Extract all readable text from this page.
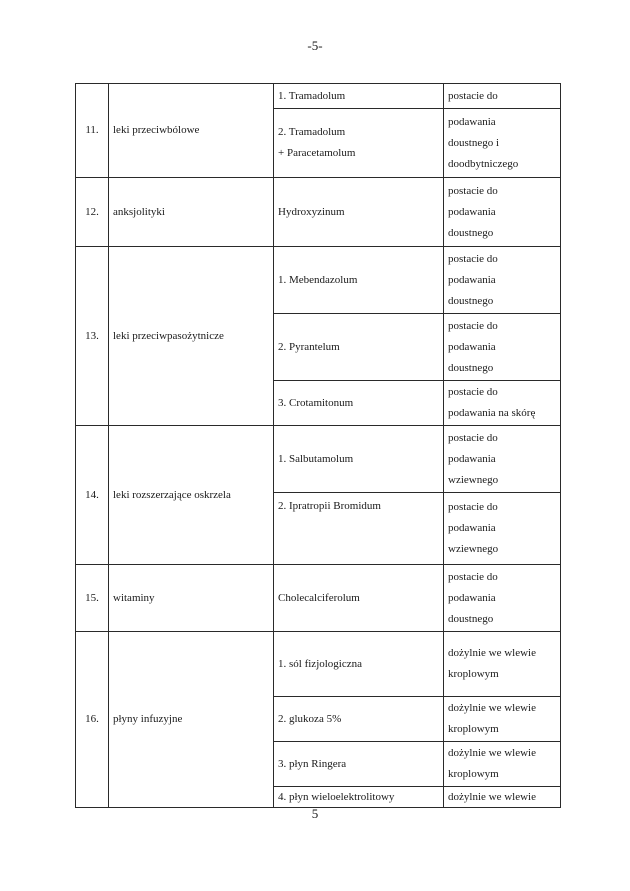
-5-
11.	leki przeciwbólowe	1. Tramadolum	postacie do

		2. Tramadolum
+ Paracetamolum	podawania
doustnego i
doodbytniczego

12.	anksjolityki	Hydroxyzinum	postacie do
podawania
doustnego

13.	leki przeciwpasożytnicze	1. Mebendazolum	postacie do
podawania
doustnego

		2. Pyrantelum	postacie do
podawania
doustnego

		3. Crotamitonum	postacie do
podawania na skórę

14.	leki rozszerzające oskrzela	1. Salbutamolum	postacie do
podawania
wziewnego

		2. Ipratropii Bromidum	postacie do
podawania
wziewnego

15.	witaminy	Cholecalciferolum	postacie do
podawania
doustnego

16.	płyny infuzyjne	1. sól fizjologiczna	dożylnie we wlewie
kroplowym

		2. glukoza 5%	dożylnie we wlewie
kroplowym

		3. płyn Ringera	dożylnie we wlewie
kroplowym

		4. płyn wieloelektrolitowy	dożylnie we wlewie
5
